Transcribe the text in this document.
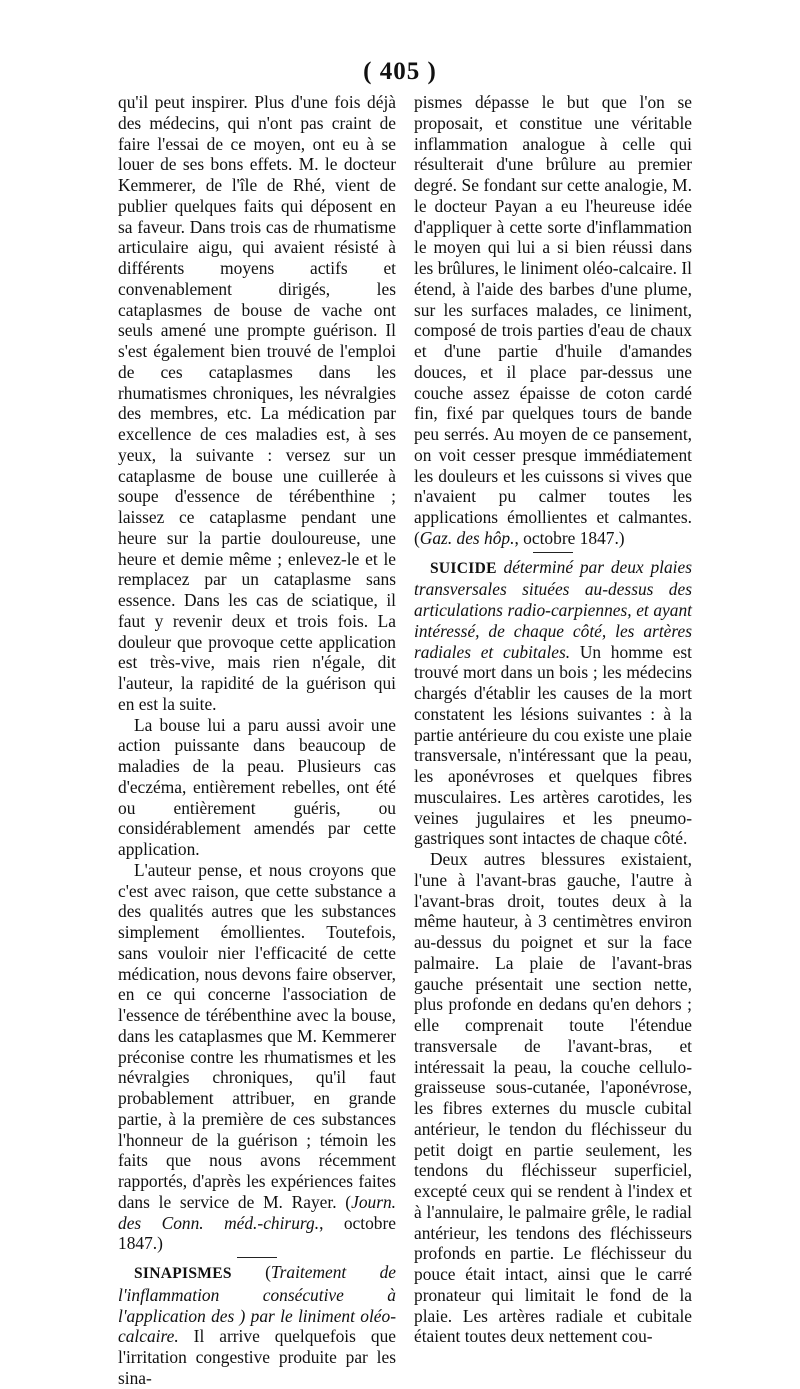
( 405 )

qu'il peut inspirer. Plus d'une fois déjà des médecins, qui n'ont pas craint de faire l'essai de ce moyen, ont eu à se louer de ses bons effets. M. le docteur Kemmerer, de l'île de Rhé, vient de publier quelques faits qui déposent en sa faveur. Dans trois cas de rhumatisme articulaire aigu, qui avaient résisté à différents moyens actifs et convenablement dirigés, les cataplasmes de bouse de vache ont seuls amené une prompte guérison. Il s'est également bien trouvé de l'emploi de ces cataplasmes dans les rhumatismes chroniques, les névralgies des membres, etc. La médication par excellence de ces maladies est, à ses yeux, la suivante : versez sur un cataplasme de bouse une cuillerée à soupe d'essence de térébenthine ; laissez ce cataplasme pendant une heure sur la partie douloureuse, une heure et demie même ; enlevez-le et le remplacez par un cataplasme sans essence. Dans les cas de sciatique, il faut y revenir deux et trois fois. La douleur que provoque cette application est très-vive, mais rien n'égale, dit l'auteur, la rapidité de la guérison qui en est la suite.

La bouse lui a paru aussi avoir une action puissante dans beaucoup de maladies de la peau. Plusieurs cas d'eczéma, entièrement rebelles, ont été ou entièrement guéris, ou considérablement amendés par cette application.

L'auteur pense, et nous croyons que c'est avec raison, que cette substance a des qualités autres que les substances simplement émollientes. Toutefois, sans vouloir nier l'efficacité de cette médication, nous devons faire observer, en ce qui concerne l'association de l'essence de térébenthine avec la bouse, dans les cataplasmes que M. Kemmerer préconise contre les rhumatismes et les névralgies chroniques, qu'il faut probablement attribuer, en grande partie, à la première de ces substances l'honneur de la guérison ; témoin les faits que nous avons récemment rapportés, d'après les expériences faites dans le service de M. Rayer. (Journ. des Conn. méd.-chirurg., octobre 1847.)

SINAPISMES (Traitement de l'inflammation consécutive à l'application des ) par le liniment oléo-calcaire. Il arrive quelquefois que l'irritation congestive produite par les sina-

pismes dépasse le but que l'on se proposait, et constitue une véritable inflammation analogue à celle qui résulterait d'une brûlure au premier degré. Se fondant sur cette analogie, M. le docteur Payan a eu l'heureuse idée d'appliquer à cette sorte d'inflammation le moyen qui lui a si bien réussi dans les brûlures, le liniment oléo-calcaire. Il étend, à l'aide des barbes d'une plume, sur les surfaces malades, ce liniment, composé de trois parties d'eau de chaux et d'une partie d'huile d'amandes douces, et il place par-dessus une couche assez épaisse de coton cardé fin, fixé par quelques tours de bande peu serrés. Au moyen de ce pansement, on voit cesser presque immédiatement les douleurs et les cuissons si vives que n'avaient pu calmer toutes les applications émollientes et calmantes. (Gaz. des hôp., octobre 1847.)

SUICIDE déterminé par deux plaies transversales situées au-dessus des articulations radio-carpiennes, et ayant intéressé, de chaque côté, les artères radiales et cubitales. Un homme est trouvé mort dans un bois ; les médecins chargés d'établir les causes de la mort constatent les lésions suivantes : à la partie antérieure du cou existe une plaie transversale, n'intéressant que la peau, les aponévroses et quelques fibres musculaires. Les artères carotides, les veines jugulaires et les pneumo-gastriques sont intactes de chaque côté.

Deux autres blessures existaient, l'une à l'avant-bras gauche, l'autre à l'avant-bras droit, toutes deux à la même hauteur, à 3 centimètres environ au-dessus du poignet et sur la face palmaire. La plaie de l'avant-bras gauche présentait une section nette, plus profonde en dedans qu'en dehors ; elle comprenait toute l'étendue transversale de l'avant-bras, et intéressait la peau, la couche cellulo-graisseuse sous-cutanée, l'aponévrose, les fibres externes du muscle cubital antérieur, le tendon du fléchisseur du petit doigt en partie seulement, les tendons du fléchisseur superficiel, excepté ceux qui se rendent à l'index et à l'annulaire, le palmaire grêle, le radial antérieur, les tendons des fléchisseurs profonds en partie. Le fléchisseur du pouce était intact, ainsi que le carré pronateur qui limitait le fond de la plaie. Les artères radiale et cubitale étaient toutes deux nettement cou-
